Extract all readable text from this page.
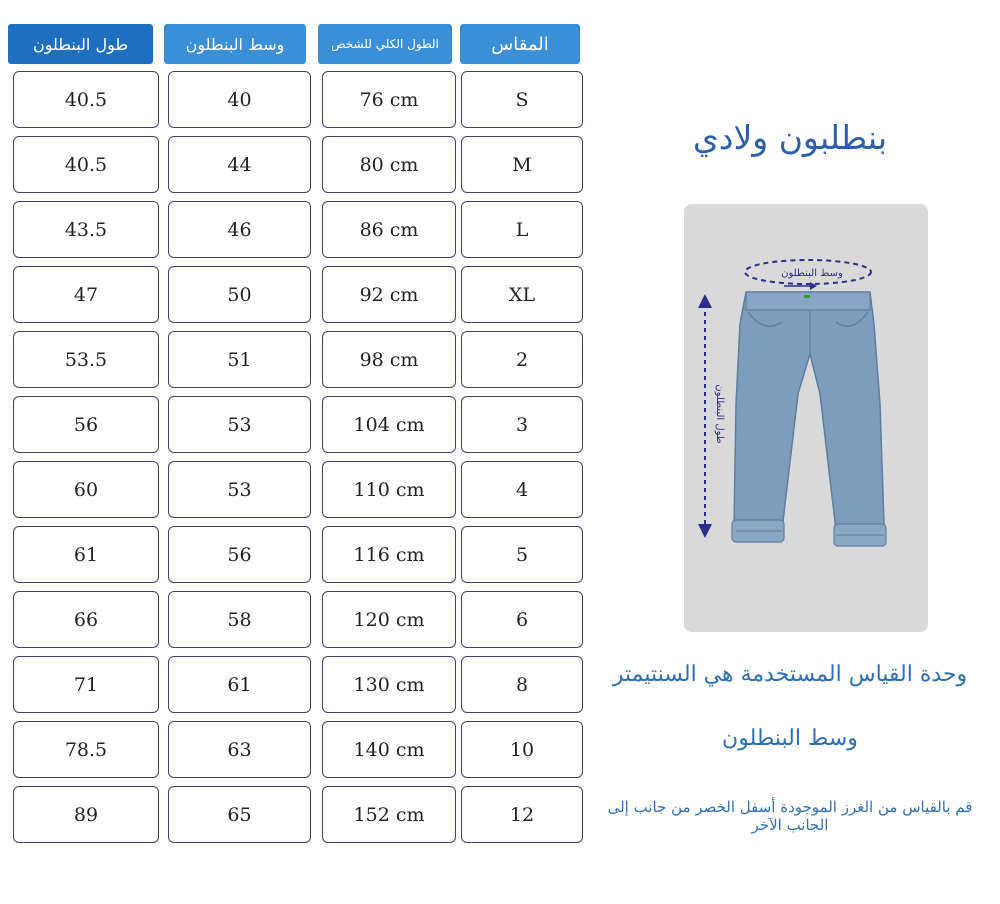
طول البنطلون	وسط البنطلون	الطول الكلي للشخص	المقاس
40.5	40	76 cm	S
40.5	44	80 cm	M
43.5	46	86 cm	L
47	50	92 cm	XL
53.5	51	98 cm	2
56	53	104 cm	3
60	53	110 cm	4
61	56	116 cm	5
66	58	120 cm	6
71	61	130 cm	8
78.5	63	140 cm	10
89	65	152 cm	12
بنطلبون ولادي
وسط البنطلون
طول البنطلون
وحدة القياس المستخدمة هي السنتيمتر
وسط البنطلون
قم بالقياس من الغرز الموجودة أسفل الخصر من جانب إلى الجانب الآخر
